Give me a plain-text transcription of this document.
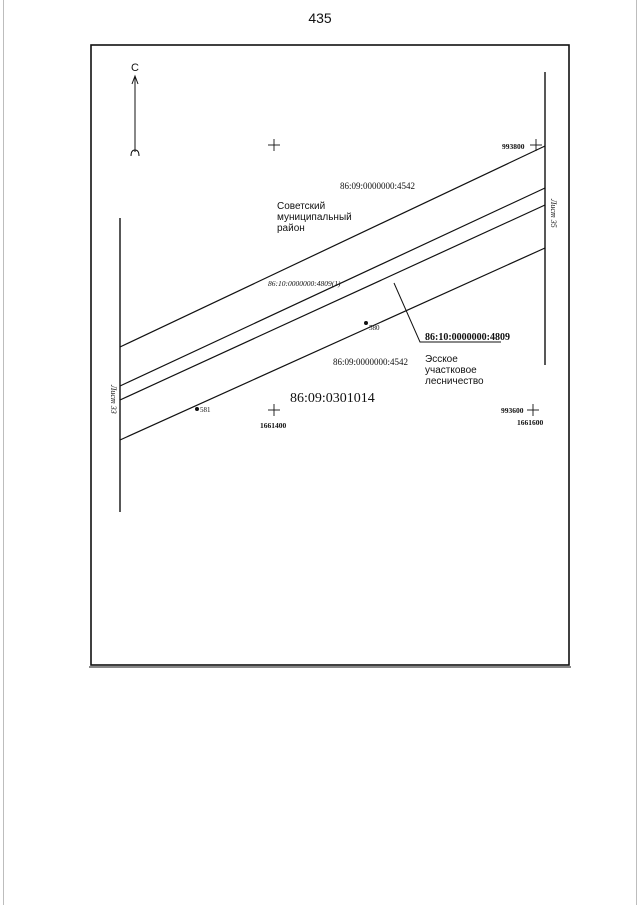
435
С
Советский
муниципальный
район
86:09:0000000:4542
86:10:0000000:4809(1)
86:10:0000000:4809
86:09:0000000:4542 Эсское
участковое
лесничество
86:09:0301014
993800
993600
1661400	1661600
580
581
Лист 35
Лист 33
